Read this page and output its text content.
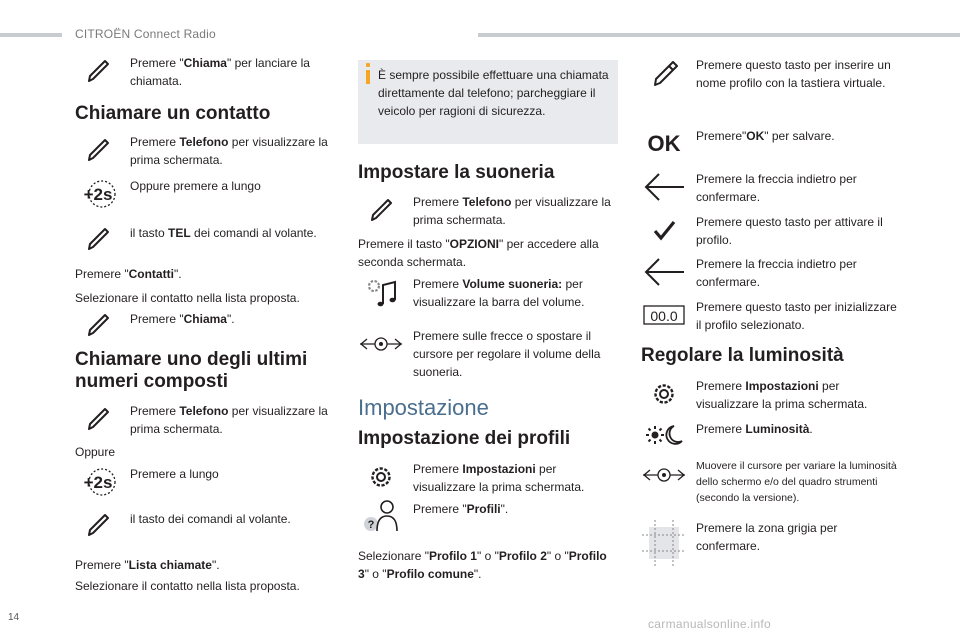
CITROËN Connect Radio
Premere "Chiama" per lanciare la chiamata.
Chiamare un contatto
Premere Telefono per visualizzare la prima schermata.
+2s Oppure premere a lungo
il tasto TEL dei comandi al volante.
Premere "Contatti".
Selezionare il contatto nella lista proposta.
Premere "Chiama".
Chiamare uno degli ultimi numeri composti
Premere Telefono per visualizzare la prima schermata.
Oppure
+2s Premere a lungo
il tasto dei comandi al volante.
Premere "Lista chiamate".
Selezionare il contatto nella lista proposta.
È sempre possibile effettuare una chiamata direttamente dal telefono; parcheggiare il veicolo per ragioni di sicurezza.
Impostare la suoneria
Premere Telefono per visualizzare la prima schermata.
Premere il tasto "OPZIONI" per accedere alla seconda schermata.
Premere Volume suoneria: per visualizzare la barra del volume.
Premere sulle frecce o spostare il cursore per regolare il volume della suoneria.
Impostazione
Impostazione dei profili
Premere Impostazioni per visualizzare la prima schermata.
?
Premere "Profili".
Selezionare "Profilo 1" o "Profilo 2" o "Profilo 3" o "Profilo comune".
Premere questo tasto per inserire un nome profilo con la tastiera virtuale.
OK Premere"OK" per salvare.
Premere la freccia indietro per confermare.
Premere questo tasto per attivare il profilo.
Premere la freccia indietro per confermare.
00.0
Premere questo tasto per inizializzare il profilo selezionato.
Regolare la luminosità
Premere Impostazioni per visualizzare la prima schermata.
Premere Luminosità.
Muovere il cursore per variare la luminosità dello schermo e/o del quadro strumenti (secondo la versione).
Premere la zona grigia per confermare.
14	carmanualsonline.info
